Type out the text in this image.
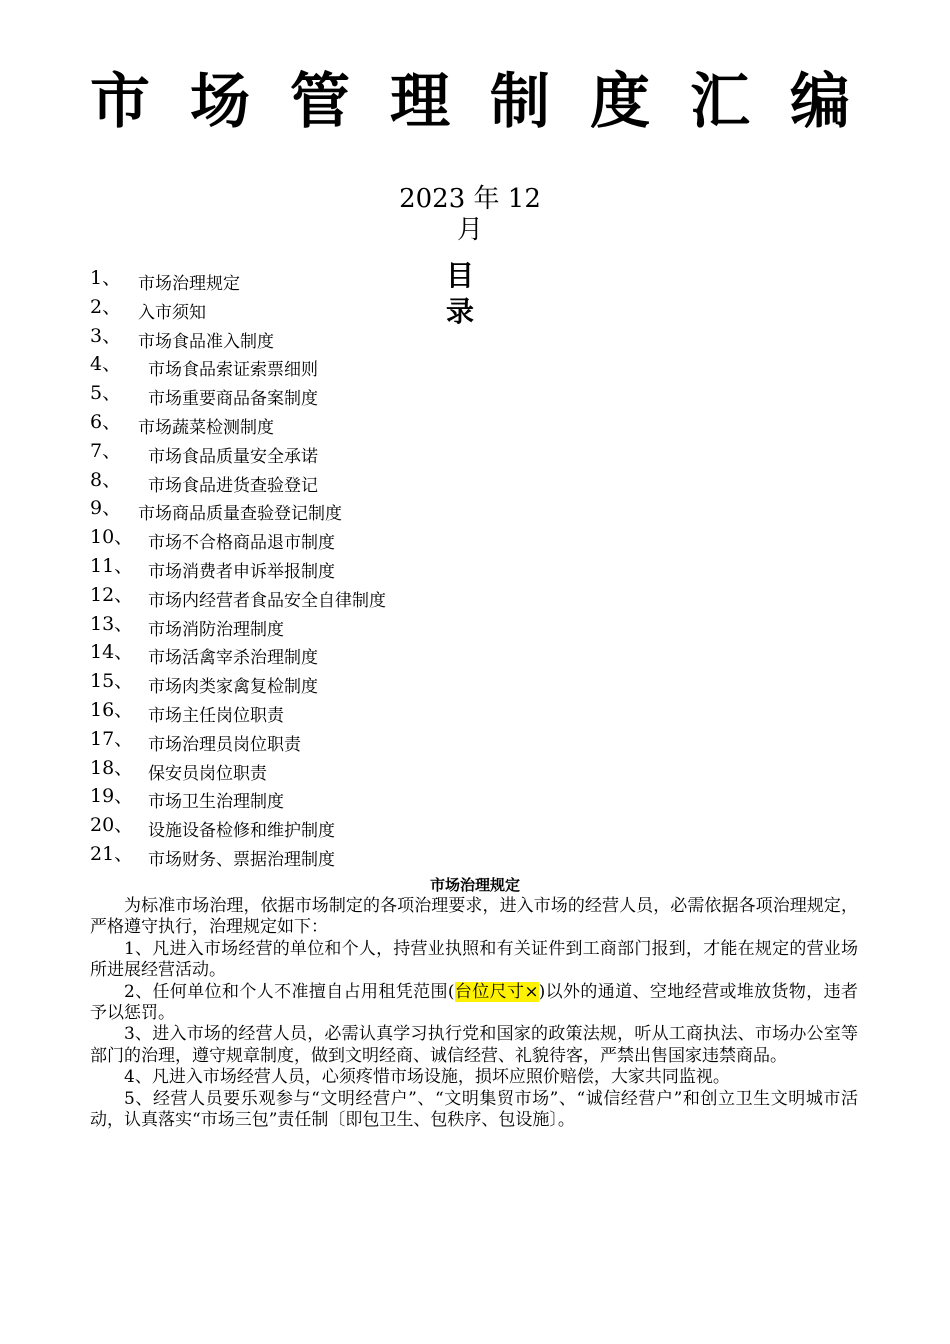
市 场 管 理 制 度 汇 编
2023 年 12
月
目 录
1、 市场治理规定
2、 入市须知
3、 市场食品准入制度
4、 市场食品索证索票细则
5、 市场重要商品备案制度
6、 市场蔬菜检测制度
7、 市场食品质量安全承诺
8、 市场食品进货查验登记
9、 市场商品质量查验登记制度
10、 市场不合格商品退市制度
11、 市场消费者申诉举报制度
12、 市场内经营者食品安全自律制度
13、 市场消防治理制度
14、 市场活禽宰杀治理制度
15、 市场肉类家禽复检制度
16、 市场主任岗位职责
17、 市场治理员岗位职责
18、 保安员岗位职责
19、 市场卫生治理制度
20、 设施设备检修和维护制度
21、 市场财务、票据治理制度
市场治理规定

为标准市场治理，依据市场制定的各项治理要求，进入市场的经营人员，必需依据各项治理规定，严格遵守执行，治理规定如下：

1、凡进入市场经营的单位和个人，持营业执照和有关证件到工商部门报到，才能在规定的营业场所进展经营活动。

2、任何单位和个人不准擅自占用租凭范围(台位尺寸×)以外的通道、空地经营或堆放货物，违者予以惩罚。

3、进入市场的经营人员，必需认真学习执行党和国家的政策法规，听从工商执法、市场办公室等部门的治理，遵守规章制度，做到文明经商、诚信经营、礼貌待客，严禁出售国家违禁商品。

4、凡进入市场经营人员，心须疼惜市场设施，损坏应照价赔偿，大家共同监视。

5、经营人员要乐观参与“文明经营户”、“文明集贸市场”、“诚信经营户”和创立卫生文明城市活动，认真落实“市场三包”责任制〔即包卫生、包秩序、包设施〕。
